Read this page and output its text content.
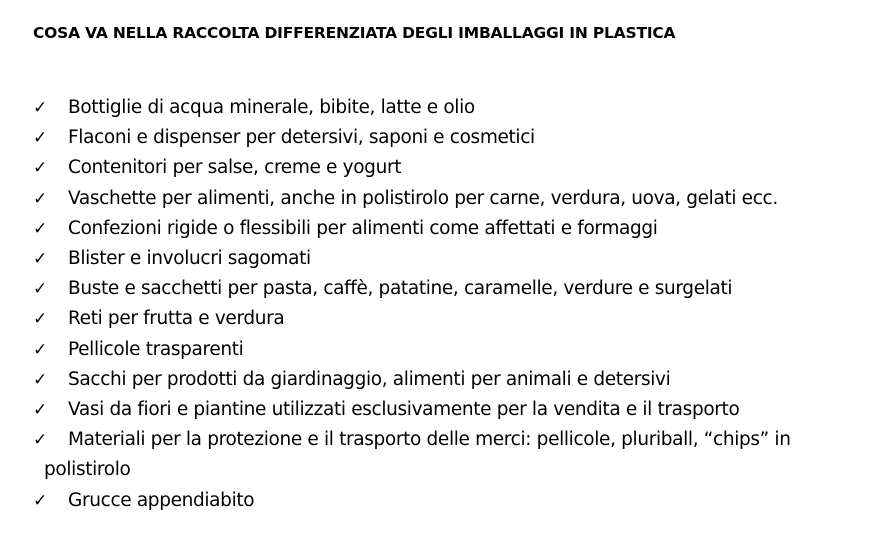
COSA VA NELLA RACCOLTA DIFFERENZIATA DEGLI IMBALLAGGI IN PLASTICA
✓	Bottiglie di acqua minerale, bibite, latte e olio
✓	Flaconi e dispenser per detersivi, saponi e cosmetici
✓	Contenitori per salse, creme e yogurt
✓	Vaschette per alimenti, anche in polistirolo per carne, verdura, uova, gelati ecc.
✓	Confezioni rigide o flessibili per alimenti come affettati e formaggi
✓	Blister e involucri sagomati
✓	Buste e sacchetti per pasta, caffè, patatine, caramelle, verdure e surgelati
✓	Reti per frutta e verdura
✓	Pellicole trasparenti
✓	Sacchi per prodotti da giardinaggio, alimenti per animali e detersivi
✓	Vasi da fiori e piantine utilizzati esclusivamente per la vendita e il trasporto
✓	Materiali per la protezione e il trasporto delle merci: pellicole, pluriball, “chips” in
polistirolo
✓	Grucce appendiabito
